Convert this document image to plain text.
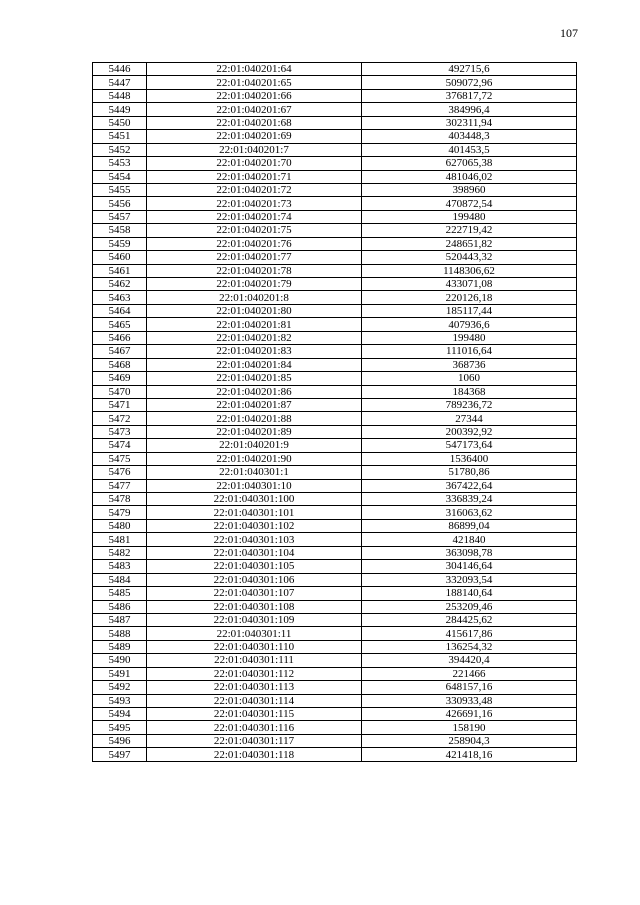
107
5446	22:01:040201:64	492715,6
5447	22:01:040201:65	509072,96
5448	22:01:040201:66	376817,72
5449	22:01:040201:67	384996,4
5450	22:01:040201:68	302311,94
5451	22:01:040201:69	403448,3
5452	22:01:040201:7	401453,5
5453	22:01:040201:70	627065,38
5454	22:01:040201:71	481046,02
5455	22:01:040201:72	398960
5456	22:01:040201:73	470872,54
5457	22:01:040201:74	199480
5458	22:01:040201:75	222719,42
5459	22:01:040201:76	248651,82
5460	22:01:040201:77	520443,32
5461	22:01:040201:78	1148306,62
5462	22:01:040201:79	433071,08
5463	22:01:040201:8	220126,18
5464	22:01:040201:80	185117,44
5465	22:01:040201:81	407936,6
5466	22:01:040201:82	199480
5467	22:01:040201:83	111016,64
5468	22:01:040201:84	368736
5469	22:01:040201:85	1060
5470	22:01:040201:86	184368
5471	22:01:040201:87	789236,72
5472	22:01:040201:88	27344
5473	22:01:040201:89	200392,92
5474	22:01:040201:9	547173,64
5475	22:01:040201:90	1536400
5476	22:01:040301:1	51780,86
5477	22:01:040301:10	367422,64
5478	22:01:040301:100	336839,24
5479	22:01:040301:101	316063,62
5480	22:01:040301:102	86899,04
5481	22:01:040301:103	421840
5482	22:01:040301:104	363098,78
5483	22:01:040301:105	304146,64
5484	22:01:040301:106	332093,54
5485	22:01:040301:107	188140,64
5486	22:01:040301:108	253209,46
5487	22:01:040301:109	284425,62
5488	22:01:040301:11	415617,86
5489	22:01:040301:110	136254,32
5490	22:01:040301:111	394420,4
5491	22:01:040301:112	221466
5492	22:01:040301:113	648157,16
5493	22:01:040301:114	330933,48
5494	22:01:040301:115	426691,16
5495	22:01:040301:116	158190
5496	22:01:040301:117	258904,3
5497	22:01:040301:118	421418,16
